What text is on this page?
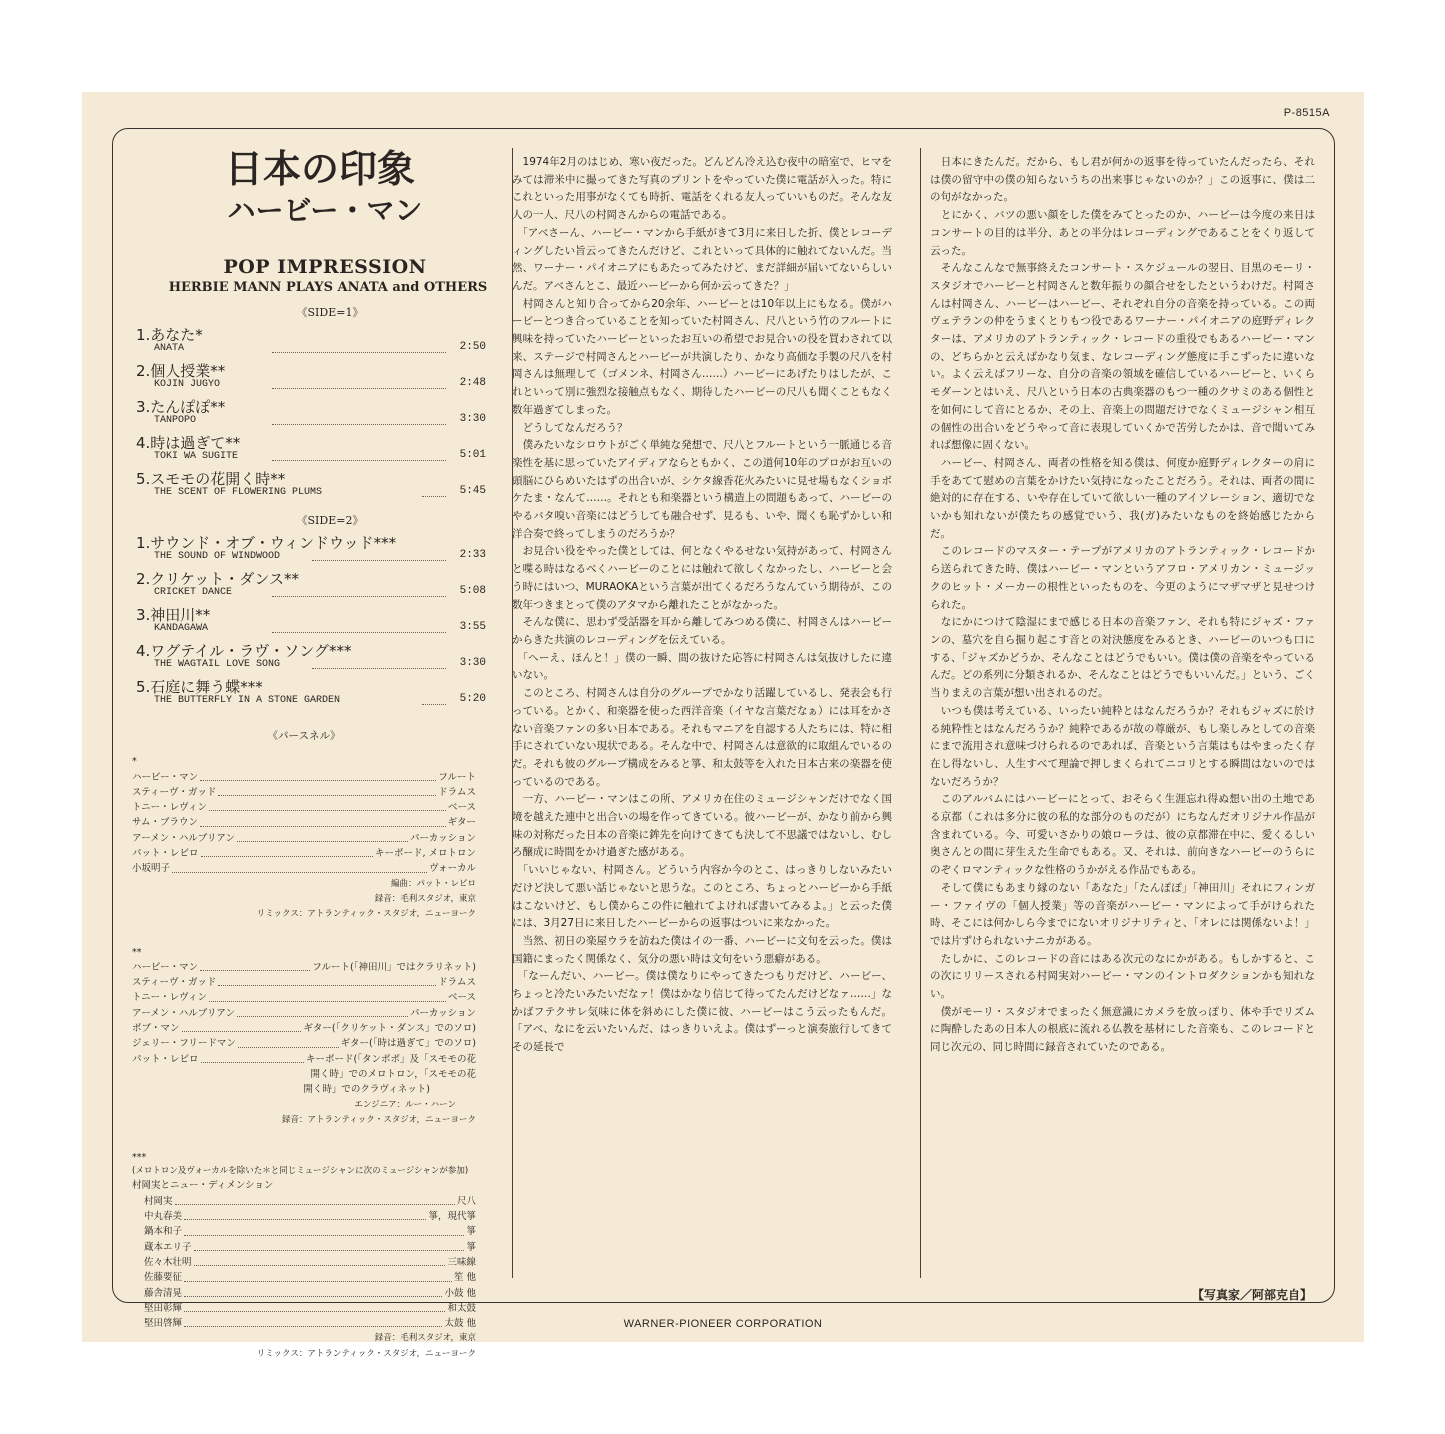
P-8515A
日本の印象
ハービー・マン
POP IMPRESSION
HERBIE MANN PLAYS ANATA and OTHERS
《SIDE=1》
1.あなた*
ANATA	2:50
2.個人授業**
KOJIN JUGYO	2:48
3.たんぽぽ**
TANPOPO	3:30
4.時は過ぎて**
TOKI WA SUGITE	5:01
5.スモモの花開く時**
THE SCENT OF FLOWERING PLUMS	5:45
《SIDE=2》
1.サウンド・オブ・ウィンドウッド***
THE SOUND OF WINDWOOD	2:33
2.クリケット・ダンス**
CRICKET DANCE	5:08
3.神田川**
KANDAGAWA	3:55
4.ワグテイル・ラヴ・ソング***
THE WAGTAIL LOVE SONG	3:30
5.石庭に舞う蝶***
THE BUTTERFLY IN A STONE GARDEN	5:20
《パースネル》
*
ハービー・マン	フルート
スティーヴ・ガッド	ドラムス
トニー・レヴィン	ベース
サム・ブラウン	ギター
アーメン・ハルブリアン	パーカッション
パット・レビロ	キーボード, メロトロン
小坂明子	ヴォーカル
編曲：パット・レビロ
録音：毛利スタジオ，東京
リミックス：アトランティック・スタジオ，ニューヨーク
**
ハービー・マン	フルート(「神田川」ではクラリネット)
スティーヴ・ガッド	ドラムス
トニー・レヴィン	ベース
アーメン・ハルブリアン	パーカッション
ボブ・マン	ギター(「クリケット・ダンス」でのソロ)
ジェリー・フリードマン	ギター(「時は過ぎて」でのソロ)
パット・レビロ	キーボード(「タンポポ」及「スモモの花
開く時」でのメロトロン，「スモモの花
開く時」でのクラヴィネット)
エンジニア：ルー・ハーン
録音：アトランティック・スタジオ，ニューヨーク
***
(メロトロン及ヴォーカルを除いた＊と同じミュージシャンに次のミュージシャンが参加)
村岡実とニュー・ディメンション
村岡実	尺八
中丸春美	箏，現代箏
鍋本和子	箏
蔵本エリ子	箏
佐々木壮明	三味線
佐藤要征	笙 他
藤舎清晃	小鼓 他
堅田彰輝	和太鼓
堅田啓輝	太鼓 他
録音：毛利スタジオ，東京
リミックス：アトランティック・スタジオ，ニューヨーク

　1974年2月のはじめ、寒い夜だった。どんどん冷え込む夜中の暗室で、ヒマをみては滞米中に撮ってきた写真のプリントをやっていた僕に電話が入った。特にこれといった用事がなくても時折、電話をくれる友人っていいものだ。そんな友人の一人、尺八の村岡さんからの電話である。

　「アベさーん、ハービー・マンから手紙がきて3月に来日した折、僕とレコーディングしたい旨云ってきたんだけど、これといって具体的に触れてないんだ。当然、ワーナー・パイオニアにもあたってみたけど、まだ詳細が届いてないらしいんだ。アベさんとこ、最近ハービーから何か云ってきた？」

　村岡さんと知り合ってから20余年、ハービーとは10年以上にもなる。僕がハービーとつき合っていることを知っていた村岡さん、尺八という竹のフルートに興味を持っていたハービーといったお互いの希望でお見合いの役を買わされて以来、ステージで村岡さんとハービーが共演したり、かなり高価な手製の尺八を村岡さんは無理して（ゴメンネ、村岡さん……）ハービーにあげたりはしたが、これといって別に強烈な接触点もなく、期待したハービーの尺八も聞くこともなく数年過ぎてしまった。

　どうしてなんだろう？

　僕みたいなシロウトがごく単純な発想で、尺八とフルートという一脈通じる音楽性を基に思っていたアイディアならともかく、この道何10年のプロがお互いの頭脳にひらめいたはずの出合いが、シケタ線香花火みたいに見せ場もなくショボケたま・なんて……。それとも和楽器という構造上の問題もあって、ハービーのやるバタ嗅い音楽にはどうしても融合せず、見るも、いや、聞くも恥ずかしい和洋合奏で終ってしまうのだろうか？

　お見合い役をやった僕としては、何となくやるせない気持があって、村岡さんと喋る時はなるべくハービーのことには触れて欲しくなかったし、ハービーと会う時にはいつ、MURAOKAという言葉が出てくるだろうなんていう期待が、この数年つきまとって僕のアタマから離れたことがなかった。

　そんな僕に、思わず受話器を耳から離してみつめる僕に、村岡さんはハービーからきた共演のレコーディングを伝えている。

　「へーえ、ほんと！」僕の一瞬、間の抜けた応答に村岡さんは気抜けしたに違いない。

　このところ、村岡さんは自分のグループでかなり活躍しているし、発表会も行っている。とかく、和楽器を使った西洋音楽（イヤな言葉だなぁ）には耳をかさない音楽ファンの多い日本である。それもマニアを自認する人たちには、特に相手にされていない現状である。そんな中で、村岡さんは意欲的に取組んでいるのだ。それも彼のグループ構成をみると箏、和太鼓等を入れた日本古来の楽器を使っているのである。

　一方、ハービー・マンはこの所、アメリカ在住のミュージシャンだけでなく国境を越えた連中と出合いの場を作ってきている。彼ハービーが、かなり前から興味の対称だった日本の音楽に鉾先を向けてきても決して不思議ではないし、むしろ醸成に時間をかけ過ぎた感がある。

　「いいじゃない、村岡さん。どういう内容か今のとこ、はっきりしないみたいだけど決して悪い話じゃないと思うな。このところ、ちょっとハービーから手紙はこないけど、もし僕からこの件に触れてよければ書いてみるよ。」と云った僕には、3月27日に来日したハービーからの返事はついに来なかった。

　当然、初日の楽屋ウラを訪ねた僕はイの一番、ハービーに文句を云った。僕は国籍にまったく関係なく、気分の悪い時は文句をいう悪癖がある。

　「なーんだい、ハービー。僕は僕なりにやってきたつもりだけど、ハービー、ちょっと冷たいみたいだなァ！僕はかなり信じて待ってたんだけどなァ……」なかばフテクサレ気味に体を斜めにした僕に彼、ハービーはこう云ったもんだ。「アベ、なにを云いたいんだ、はっきりいえよ。僕はずーっと演奏旅行してきてその延長で

　日本にきたんだ。だから、もし君が何かの返事を待っていたんだったら、それは僕の留守中の僕の知らないうちの出来事じゃないのか？」この返事に、僕は二の句がなかった。

　とにかく、バツの悪い顔をした僕をみてとったのか、ハービーは今度の来日はコンサートの目的は半分、あとの半分はレコーディングであることをくり返して云った。

　そんなこんなで無事終えたコンサート・スケジュールの翌日、目黒のモーリ・スタジオでハービーと村岡さんと数年振りの顔合せをしたというわけだ。村岡さんは村岡さん、ハービーはハービー、それぞれ自分の音楽を持っている。この両ヴェテランの仲をうまくとりもつ役であるワーナー・パイオニアの庭野ディレクターは、アメリカのアトランティック・レコードの重役でもあるハービー・マンの、どちらかと云えばかなり気ま、なレコーディング態度に手こずったに違いない。よく云えばフリーな、自分の音楽の領域を確信しているハービーと、いくらモダーンとはいえ、尺八という日本の古典楽器のもつ一種のクサミのある個性とを如何にして音にとるか、その上、音楽上の問題だけでなくミュージシャン相互の個性の出合いをどうやって音に表現していくかで苦労したかは、音で聞いてみれば想像に固くない。

　ハービー、村岡さん、両者の性格を知る僕は、何度か庭野ディレクターの肩に手をあてて慰めの言葉をかけたい気持になったことだろう。それは、両者の間に絶対的に存在する、いや存在していて欲しい一種のアイソレーション、適切でないかも知れないが僕たちの感覚でいう、我(ガ)みたいなものを終始感じたからだ。

　このレコードのマスター・テープがアメリカのアトランティック・レコードから送られてきた時、僕はハービー・マンというアフロ・アメリカン・ミュージックのヒット・メーカーの根性といったものを、今更のようにマザマザと見せつけられた。

　なにかにつけて陰湿にまで感じる日本の音楽ファン、それも特にジャズ・ファンの、墓穴を自ら掘り起こす音との対決態度をみるとき、ハービーのいつも口にする、「ジャズかどうか、そんなことはどうでもいい。僕は僕の音楽をやっているんだ。どの系列に分類されるか、そんなことはどうでもいいんだ。」という、ごく当りまえの言葉が想い出されるのだ。

　いつも僕は考えている、いったい純粋とはなんだろうか？それもジャズに於ける純粋性とはなんだろうか？純粋であるが故の尊厳が、もし楽しみとしての音楽にまで流用され意味づけられるのであれば、音楽という言葉はもはやまったく存在し得ないし、人生すべて理論で押しまくられてニコリとする瞬間はないのではないだろうか？

　このアルバムにはハービーにとって、おそらく生涯忘れ得ぬ想い出の土地である京都（これは多分に彼の私的な部分のものだが）にちなんだオリジナル作品が含まれている。今、可愛いさかりの娘ローラは、彼の京都滞在中に、愛くるしい奥さんとの間に芽生えた生命でもある。又、それは、前向きなハービーのうらにのぞくロマンティックな性格のうかがえる作品でもある。

　そして僕にもあまり縁のない「あなた」「たんぽぽ」「神田川」それにフィンガー・ファイヴの「個人授業」等の音楽がハービー・マンによって手がけられた時、そこには何かしら今までにないオリジナリティと、「オレには関係ないよ！」では片ずけられないナニカがある。

　たしかに、このレコードの音にはある次元のなにかがある。もしかすると、この次にリリースされる村岡実対ハービー・マンのイントロダクションかも知れない。

　僕がモーリ・スタジオでまったく無意識にカメラを放っぽり、体や手でリズムに陶酔したあの日本人の根底に流れる仏教を基材にした音楽も、このレコードと同じ次元の、同じ時間に録音されていたのである。

【写真家／阿部克自】
WARNER-PIONEER CORPORATION
